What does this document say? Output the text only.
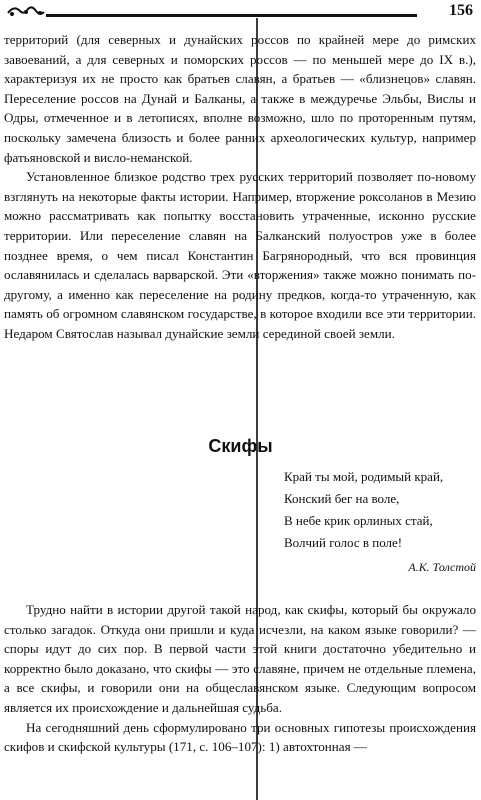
156

территорий (для северных и дунайских россов по крайней мере до римских завоеваний, а для северных и поморских россов — по меньшей мере до IX в.), характеризуя их не просто как братьев славян, а братьев — «близнецов» славян. Переселение россов на Дунай и Балканы, а также в междуречье Эльбы, Вислы и Одры, отмеченное и в летописях, вполне возможно, шло по проторенным путям, поскольку замечена близость и более ранних археологических культур, например фатьяновской и висло-неманской.

Установленное близкое родство трех русских территорий позволяет по-новому взглянуть на некоторые факты истории. Например, вторжение роксоланов в Мезию можно рассматривать как попытку восстановить утраченные, исконно русские территории. Или переселение славян на Балканский полуостров уже в более позднее время, о чем писал Константин Багрянородный, что вся провинция ославянилась и сделалась варварской. Эти «вторжения» также можно понимать по-другому, а именно как переселение на родину предков, когда-то утраченную, как память об огромном славянском государстве, в которое входили все эти территории. Недаром Святослав называл дунайские земли серединой своей земли.

Скифы
Край ты мой, родимый край,
Конский бег на воле,
В небе крик орлиных стай,
Волчий голос в поле!
А.К. Толстой

Трудно найти в истории другой такой народ, как скифы, который бы окружало столько загадок. Откуда они пришли и куда исчезли, на каком языке говорили? — споры идут до сих пор. В первой части этой книги достаточно убедительно и корректно было доказано, что скифы — это славяне, причем не отдельные племена, а все скифы, и говорили они на общеславянском языке. Следующим вопросом является их происхождение и дальнейшая судьба.

На сегодняшний день сформулировано три основных гипотезы происхождения скифов и скифской культуры (171, с. 106–107): 1) автохтонная —
